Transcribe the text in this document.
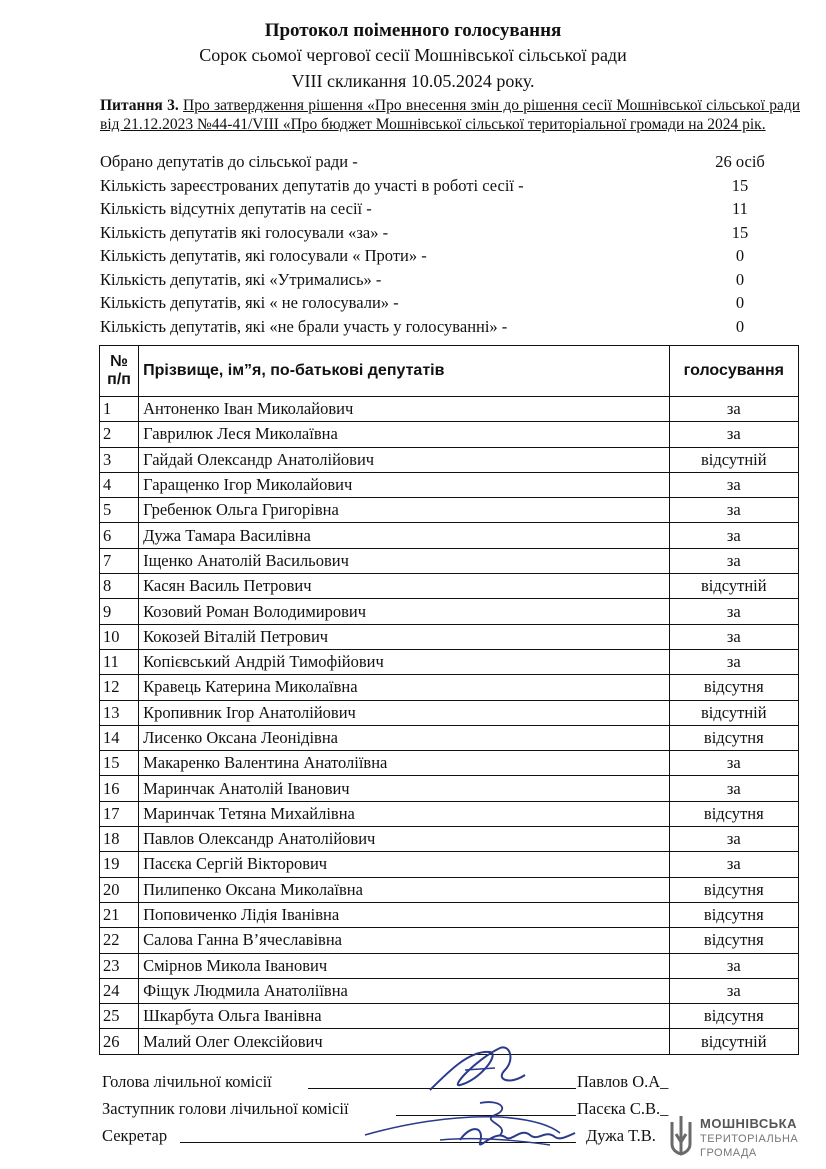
Протокол поіменного голосування
Сорок сьомої чергової сесії Мошнівської сільської ради
VIII скликання 10.05.2024 року.
Питання 3. Про затвердження рішення «Про внесення змін до рішення сесії Мошнівської сільської ради від 21.12.2023 №44-41/VIII «Про бюджет Мошнівської сільської територіальної громади на 2024 рік.
Обрано депутатів до сільської ради -	26 осіб
Кількість зареєстрованих депутатів до участі в роботі сесії -	15
Кількість відсутніх депутатів на сесії -	11
Кількість депутатів які голосували «за» -	15
Кількість депутатів, які голосували « Проти» -	0
Кількість депутатів, які «Утримались» -	0
Кількість депутатів, які « не голосували» -	0
Кількість депутатів, які «не брали участь у голосуванні» -	0
№ п/п	Прізвище, ім”я, по-батькові депутатів	голосування
1	Антоненко Іван Миколайович	за
2	Гаврилюк Леся Миколаївна	за
3	Гайдай Олександр Анатолійович	відсутній
4	Гаращенко Ігор Миколайович	за
5	Гребенюк Ольга Григорівна	за
6	Дужа Тамара Василівна	за
7	Іщенко Анатолій Васильович	за
8	Касян Василь Петрович	відсутній
9	Козовий Роман Володимирович	за
10	Кокозей Віталій Петрович	за
11	Копієвський Андрій Тимофійович	за
12	Кравець Катерина Миколаївна	відсутня
13	Кропивник Ігор Анатолійович	відсутній
14	Лисенко Оксана Леонідівна	відсутня
15	Макаренко Валентина Анатоліївна	за
16	Маринчак Анатолій Іванович	за
17	Маринчак Тетяна Михайлівна	відсутня
18	Павлов Олександр Анатолійович	за
19	Пасєка Сергій Вікторович	за
20	Пилипенко Оксана Миколаївна	відсутня
21	Поповиченко Лідія Іванівна	відсутня
22	Салова Ганна В’ячеславівна	відсутня
23	Смірнов Микола Іванович	за
24	Фіщук Людмила Анатоліївна	за
25	Шкарбута Ольга Іванівна	відсутня
26	Малий Олег Олексійович	відсутній
Голова лічильної комісії	Павлов О.А_
Заступник голови лічильної комісії	Пасєка С.В._
Секретар	Дужа Т.В.
МОШНІВСЬКА
ТЕРИТОРІАЛЬНА
ГРОМАДА
